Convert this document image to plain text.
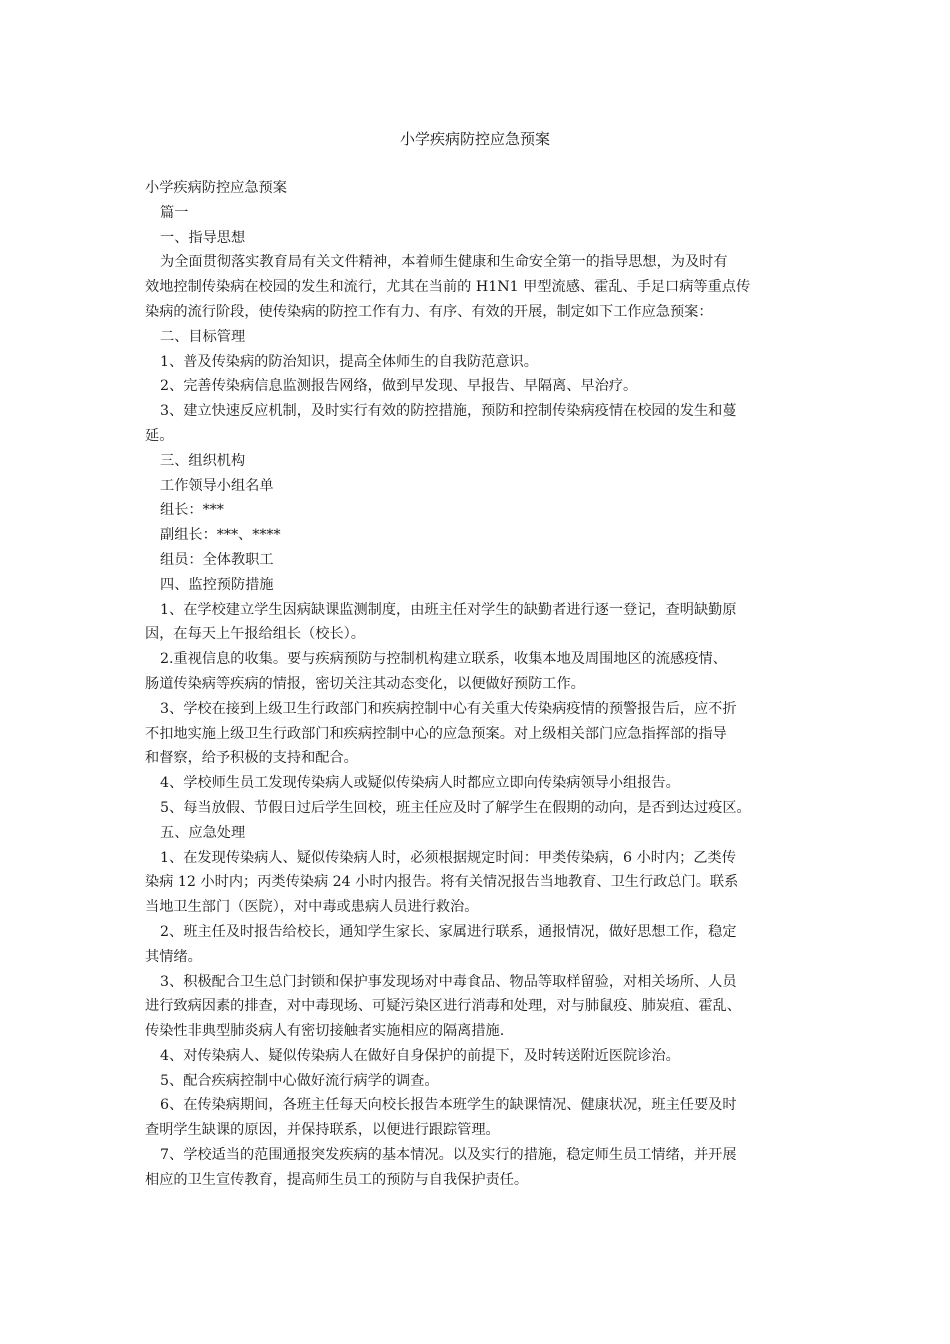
小学疾病防控应急预案
小学疾病防控应急预案
篇一
一、指导思想
为全面贯彻落实教育局有关文件精神，本着师生健康和生命安全第一的指导思想，为及时有
效地控制传染病在校园的发生和流行，尤其在当前的 H1N1 甲型流感、霍乱、手足口病等重点传
染病的流行阶段，使传染病的防控工作有力、有序、有效的开展，制定如下工作应急预案：
二、目标管理
1、普及传染病的防治知识，提高全体师生的自我防范意识。
2、完善传染病信息监测报告网络，做到早发现、早报告、早隔离、早治疗。
3、建立快速反应机制，及时实行有效的防控措施，预防和控制传染病疫情在校园的发生和蔓
延。
三、组织机构
工作领导小组名单
组长：***
副组长：***、****
组员：全体教职工
四、监控预防措施
1、在学校建立学生因病缺课监测制度，由班主任对学生的缺勤者进行逐一登记，查明缺勤原
因，在每天上午报给组长（校长）。
2.重视信息的收集。要与疾病预防与控制机构建立联系，收集本地及周围地区的流感疫情、
肠道传染病等疾病的情报，密切关注其动态变化，以便做好预防工作。
3、学校在接到上级卫生行政部门和疾病控制中心有关重大传染病疫情的预警报告后，应不折
不扣地实施上级卫生行政部门和疾病控制中心的应急预案。对上级相关部门应急指挥部的指导
和督察，给予积极的支持和配合。
4、学校师生员工发现传染病人或疑似传染病人时都应立即向传染病领导小组报告。
5、每当放假、节假日过后学生回校，班主任应及时了解学生在假期的动向，是否到达过疫区。
五、应急处理
1、在发现传染病人、疑似传染病人时，必须根据规定时间：甲类传染病，6 小时内；乙类传
染病 12 小时内；丙类传染病 24 小时内报告。将有关情况报告当地教育、卫生行政总门。联系
当地卫生部门（医院），对中毒或患病人员进行救治。
2、班主任及时报告给校长，通知学生家长、家属进行联系，通报情况，做好思想工作，稳定
其情绪。
3、积极配合卫生总门封锁和保护事发现场对中毒食品、物品等取样留验，对相关场所、人员
进行致病因素的排查，对中毒现场、可疑污染区进行消毒和处理，对与肺鼠疫、肺炭疽、霍乱、
传染性非典型肺炎病人有密切接触者实施相应的隔离措施.
4、对传染病人、疑似传染病人在做好自身保护的前提下，及时转送附近医院诊治。
5、配合疾病控制中心做好流行病学的调查。
6、在传染病期间，各班主任每天向校长报告本班学生的缺课情况、健康状况，班主任要及时
查明学生缺课的原因，并保持联系，以便进行跟踪管理。
7、学校适当的范围通报突发疾病的基本情况。以及实行的措施，稳定师生员工情绪，并开展
相应的卫生宣传教育，提高师生员工的预防与自我保护责任。
